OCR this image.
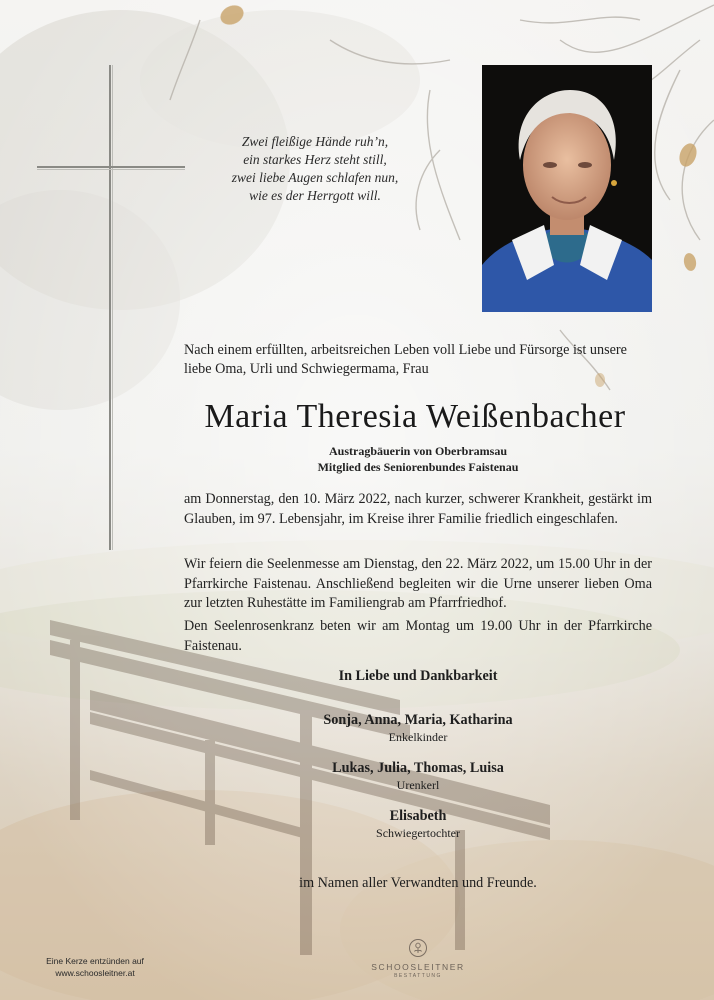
Zwei fleißige Hände ruh’n,
ein starkes Herz steht still,
zwei liebe Augen schlafen nun,
wie es der Herrgott will.
Nach einem erfüllten, arbeitsreichen Leben voll Liebe und Fürsorge ist unsere liebe Oma, Urli und Schwiegermama, Frau
Maria Theresia Weißenbacher
Austragbäuerin von Oberbramsau
Mitglied des Seniorenbundes Faistenau
am Donnerstag, den 10. März 2022, nach kurzer, schwerer Krankheit, gestärkt im Glauben, im 97. Lebensjahr, im Kreise ihrer Familie friedlich eingeschlafen.
Wir feiern die Seelenmesse am Dienstag, den 22. März 2022, um 15.00 Uhr in der Pfarrkirche Faistenau. Anschließend begleiten wir die Urne unserer lieben Oma zur letzten Ruhestätte im Familiengrab am Pfarrfriedhof.
Den Seelenrosenkranz beten wir am Montag um 19.00 Uhr in der Pfarrkirche Faistenau.
In Liebe und Dankbarkeit
Sonja, Anna, Maria, Katharina
Enkelkinder
Lukas, Julia, Thomas, Luisa
Urenkerl
Elisabeth
Schwiegertochter
im Namen aller Verwandten und Freunde.
Eine Kerze entzünden auf
www.schoosleitner.at
SCHOOSLEITNER
BESTATTUNG
